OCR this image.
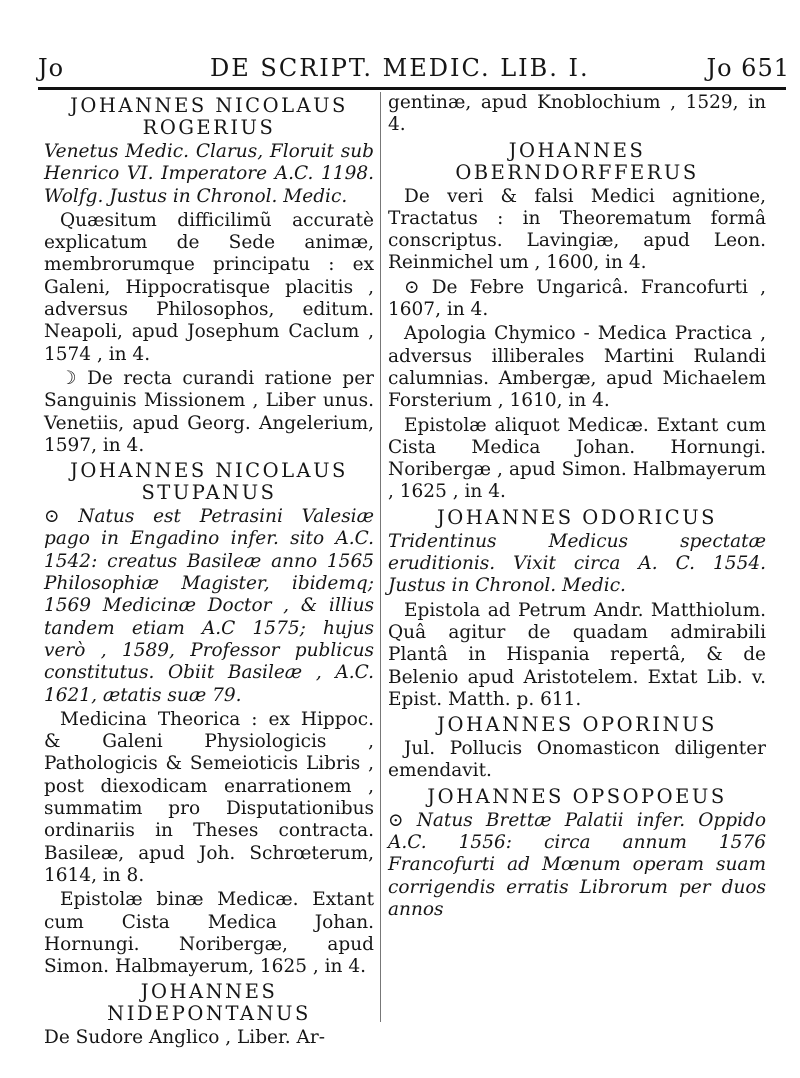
Jo	DE SCRIPT. MEDIC. LIB. I.	Jo 651

JOHANNES NICOLAUS ROGERIUS

Venetus Medic. Clarus, Floruit sub Henrico VI. Imperatore A.C. 1198. Wolfg. Justus in Chronol. Medic.

Quæsitum difficilimũ accuratè explicatum de Sede animæ, membrorumque principatu : ex Galeni, Hippocratisque placitis , adversus Philosophos, editum. Neapoli, apud Josephum Caclum , 1574 , in 4.

☽ De recta curandi ratione per Sanguinis Missionem , Liber unus. Venetiis, apud Georg. Angelerium, 1597, in 4.

JOHANNES NICOLAUS STUPANUS

⊙ Natus est Petrasini Valesiæ pago in Engadino infer. sito A.C. 1542: creatus Basileæ anno 1565 Philosophiæ Magister, ibidemq; 1569 Medicinæ Doctor , & illius tandem etiam A.C 1575; hujus verò , 1589, Professor publicus constitutus. Obiit Basileæ , A.C. 1621, ætatis suæ 79.

Medicina Theorica : ex Hippoc. & Galeni Physiologicis , Pathologicis & Semeioticis Libris , post diexodicam enarrationem , summatim pro Disputationibus ordinariis in Theses contracta. Basileæ, apud Joh. Schrœterum, 1614, in 8.

Epistolæ binæ Medicæ. Extant cum Cista Medica Johan. Hornungi. Noribergæ, apud Simon. Halbmayerum, 1625 , in 4.

JOHANNES NIDEPONTANUS

De Sudore Anglico , Liber. Ar-

gentinæ, apud Knoblochium , 1529, in 4.

JOHANNES OBERNDORFFERUS

De veri & falsi Medici agnitione, Tractatus : in Theorematum formâ conscriptus. Lavingiæ, apud Leon. Reinmichel um , 1600, in 4.

⊙ De Febre Ungaricâ. Francofurti , 1607, in 4.

Apologia Chymico - Medica Practica , adversus illiberales Martini Rulandi calumnias. Ambergæ, apud Michaelem Forsterium , 1610, in 4.

Epistolæ aliquot Medicæ. Extant cum Cista Medica Johan. Hornungi. Noribergæ , apud Simon. Halbmayerum , 1625 , in 4.

JOHANNES ODORICUS

Tridentinus Medicus spectatæ eruditionis. Vixit circa A. C. 1554. Justus in Chronol. Medic.

Epistola ad Petrum Andr. Matthiolum. Quâ agitur de quadam admirabili Plantâ in Hispania repertâ, & de Belenio apud Aristotelem. Extat Lib. v. Epist. Matth. p. 611.

JOHANNES OPORINUS

Jul. Pollucis Onomasticon diligenter emendavit.

JOHANNES OPSOPOEUS

⊙ Natus Brettæ Palatii infer. Oppido A.C. 1556: circa annum 1576 Francofurti ad Mœnum operam suam corrigendis erratis Librorum per duos annos
